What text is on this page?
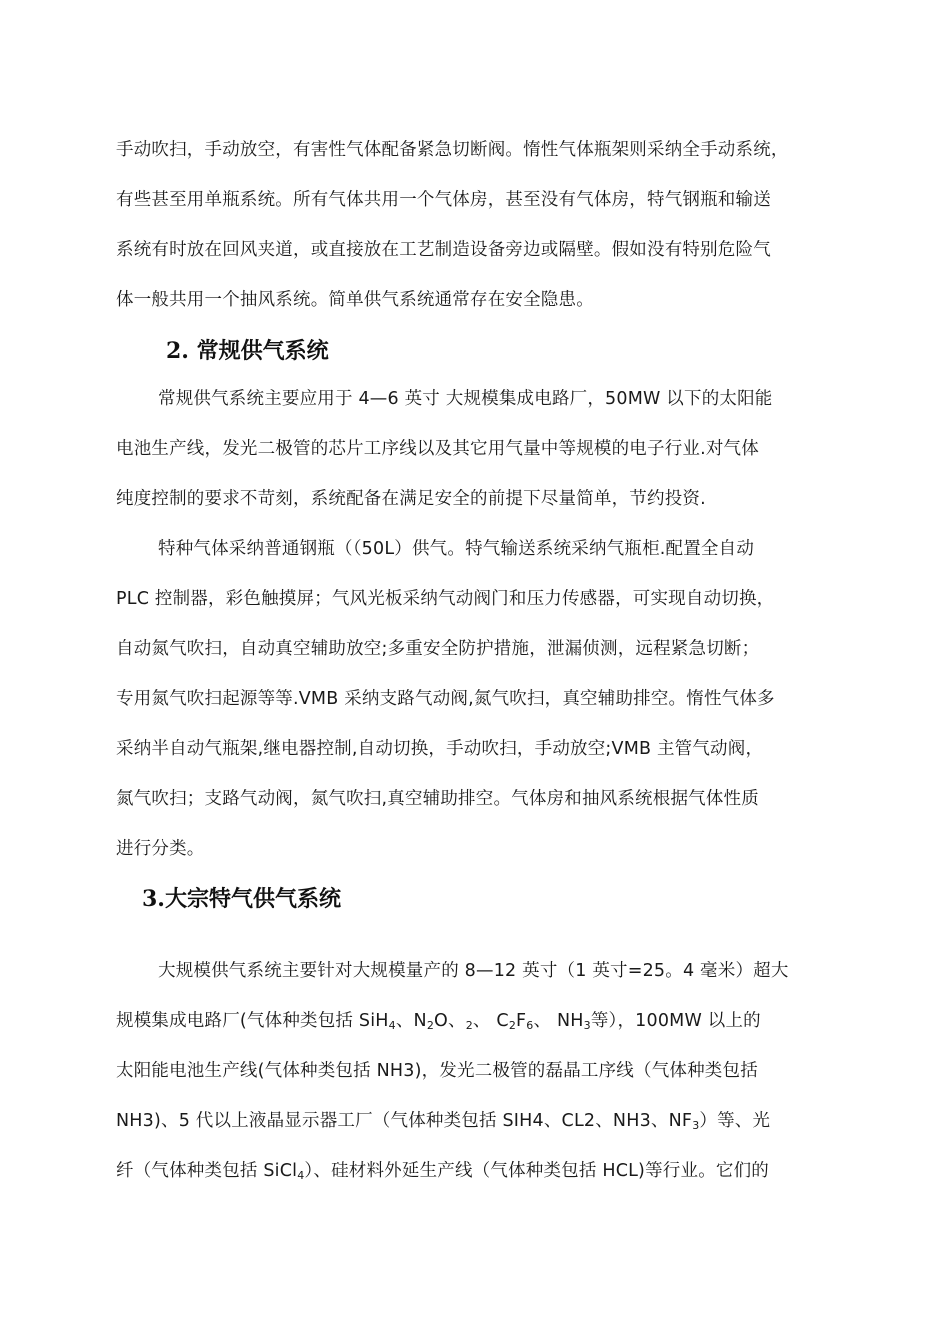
手动吹扫，手动放空，有害性气体配备紧急切断阀。惰性气体瓶架则采纳全手动系统，
有些甚至用单瓶系统。所有气体共用一个气体房，甚至没有气体房，特气钢瓶和输送
系统有时放在回风夹道，或直接放在工艺制造设备旁边或隔壁。假如没有特别危险气
体一般共用一个抽风系统。简单供气系统通常存在安全隐患。
2. 常规供气系统
常规供气系统主要应用于 4—6 英寸 大规模集成电路厂，50MW 以下的太阳能
电池生产线，发光二极管的芯片工序线以及其它用气量中等规模的电子行业.对气体
纯度控制的要求不苛刻，系统配备在满足安全的前提下尽量简单，节约投资.
特种气体采纳普通钢瓶（（50L）供气。特气输送系统采纳气瓶柜.配置全自动
PLC 控制器，彩色触摸屏；气风光板采纳气动阀门和压力传感器，可实现自动切换，
自动氮气吹扫，自动真空辅助放空;多重安全防护措施，泄漏侦测，远程紧急切断；
专用氮气吹扫起源等等.VMB 采纳支路气动阀,氮气吹扫，真空辅助排空。惰性气体多
采纳半自动气瓶架,继电器控制,自动切换，手动吹扫，手动放空;VMB 主管气动阀，
氮气吹扫；支路气动阀，氮气吹扫,真空辅助排空。气体房和抽风系统根据气体性质
进行分类。
3.大宗特气供气系统
大规模供气系统主要针对大规模量产的 8—12 英寸（1 英寸=25。4 毫米）超大
规模集成电路厂(气体种类包括 SiH$_4$、$N_2O$、$_2$、 $C_2F_6$、 $NH_3$等），100MW 以上的
太阳能电池生产线(气体种类包括 NH3)，发光二极管的磊晶工序线（气体种类包括
NH3)、5 代以上液晶显示器工厂（气体种类包括 SIH4、CL2、NH3、$NF_3$）等、光
纤（气体种类包括 SiCl$_4$）、硅材料外延生产线（气体种类包括 HCL)等行业。它们的
